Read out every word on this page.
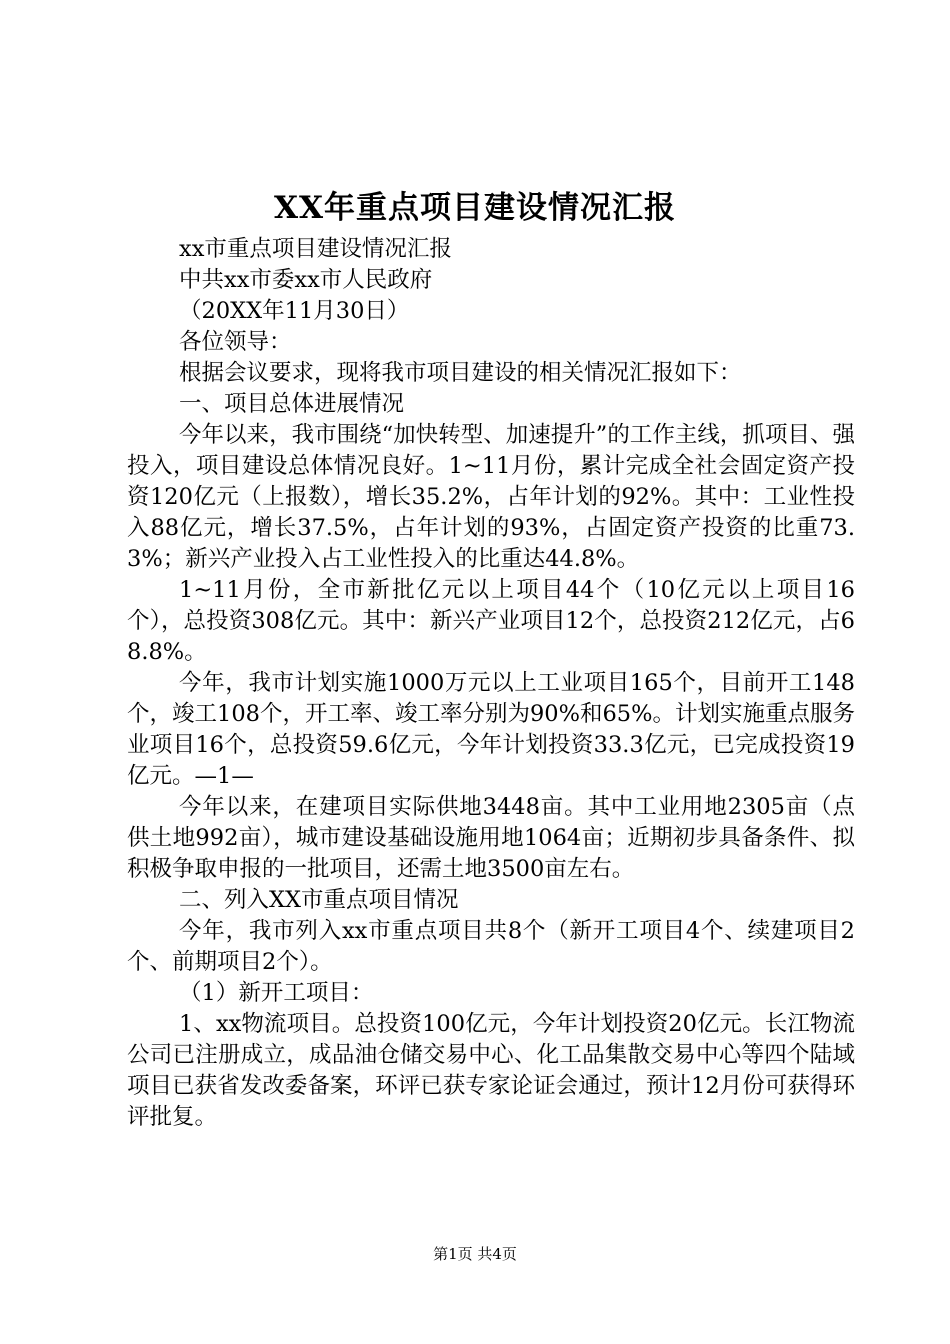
XX年重点项目建设情况汇报

xx市重点项目建设情况汇报

中共xx市委xx市人民政府

（20XX年11月30日）

各位领导：

根据会议要求，现将我市项目建设的相关情况汇报如下：

一、项目总体进展情况

今年以来，我市围绕“加快转型、加速提升”的工作主线，抓项目、强投入，项目建设总体情况良好。1~11月份，累计完成全社会固定资产投资120亿元（上报数），增长35.2%，占年计划的92%。其中：工业性投入88亿元，增长37.5%，占年计划的93%，占固定资产投资的比重73.3%；新兴产业投入占工业性投入的比重达44.8%。

1~11月份，全市新批亿元以上项目44个（10亿元以上项目16个），总投资308亿元。其中：新兴产业项目12个，总投资212亿元，占68.8%。

今年，我市计划实施1000万元以上工业项目165个，目前开工148个，竣工108个，开工率、竣工率分别为90%和65%。计划实施重点服务业项目16个，总投资59.6亿元，今年计划投资33.3亿元，已完成投资19亿元。—1—

今年以来，在建项目实际供地3448亩。其中工业用地2305亩（点供土地992亩），城市建设基础设施用地1064亩；近期初步具备条件、拟积极争取申报的一批项目，还需土地3500亩左右。

二、列入XX市重点项目情况

今年，我市列入xx市重点项目共8个（新开工项目4个、续建项目2个、前期项目2个）。

（1）新开工项目：

1、xx物流项目。总投资100亿元，今年计划投资20亿元。长江物流公司已注册成立，成品油仓储交易中心、化工品集散交易中心等四个陆域项目已获省发改委备案，环评已获专家论证会通过，预计12月份可获得环评批复。

第1页 共4页
